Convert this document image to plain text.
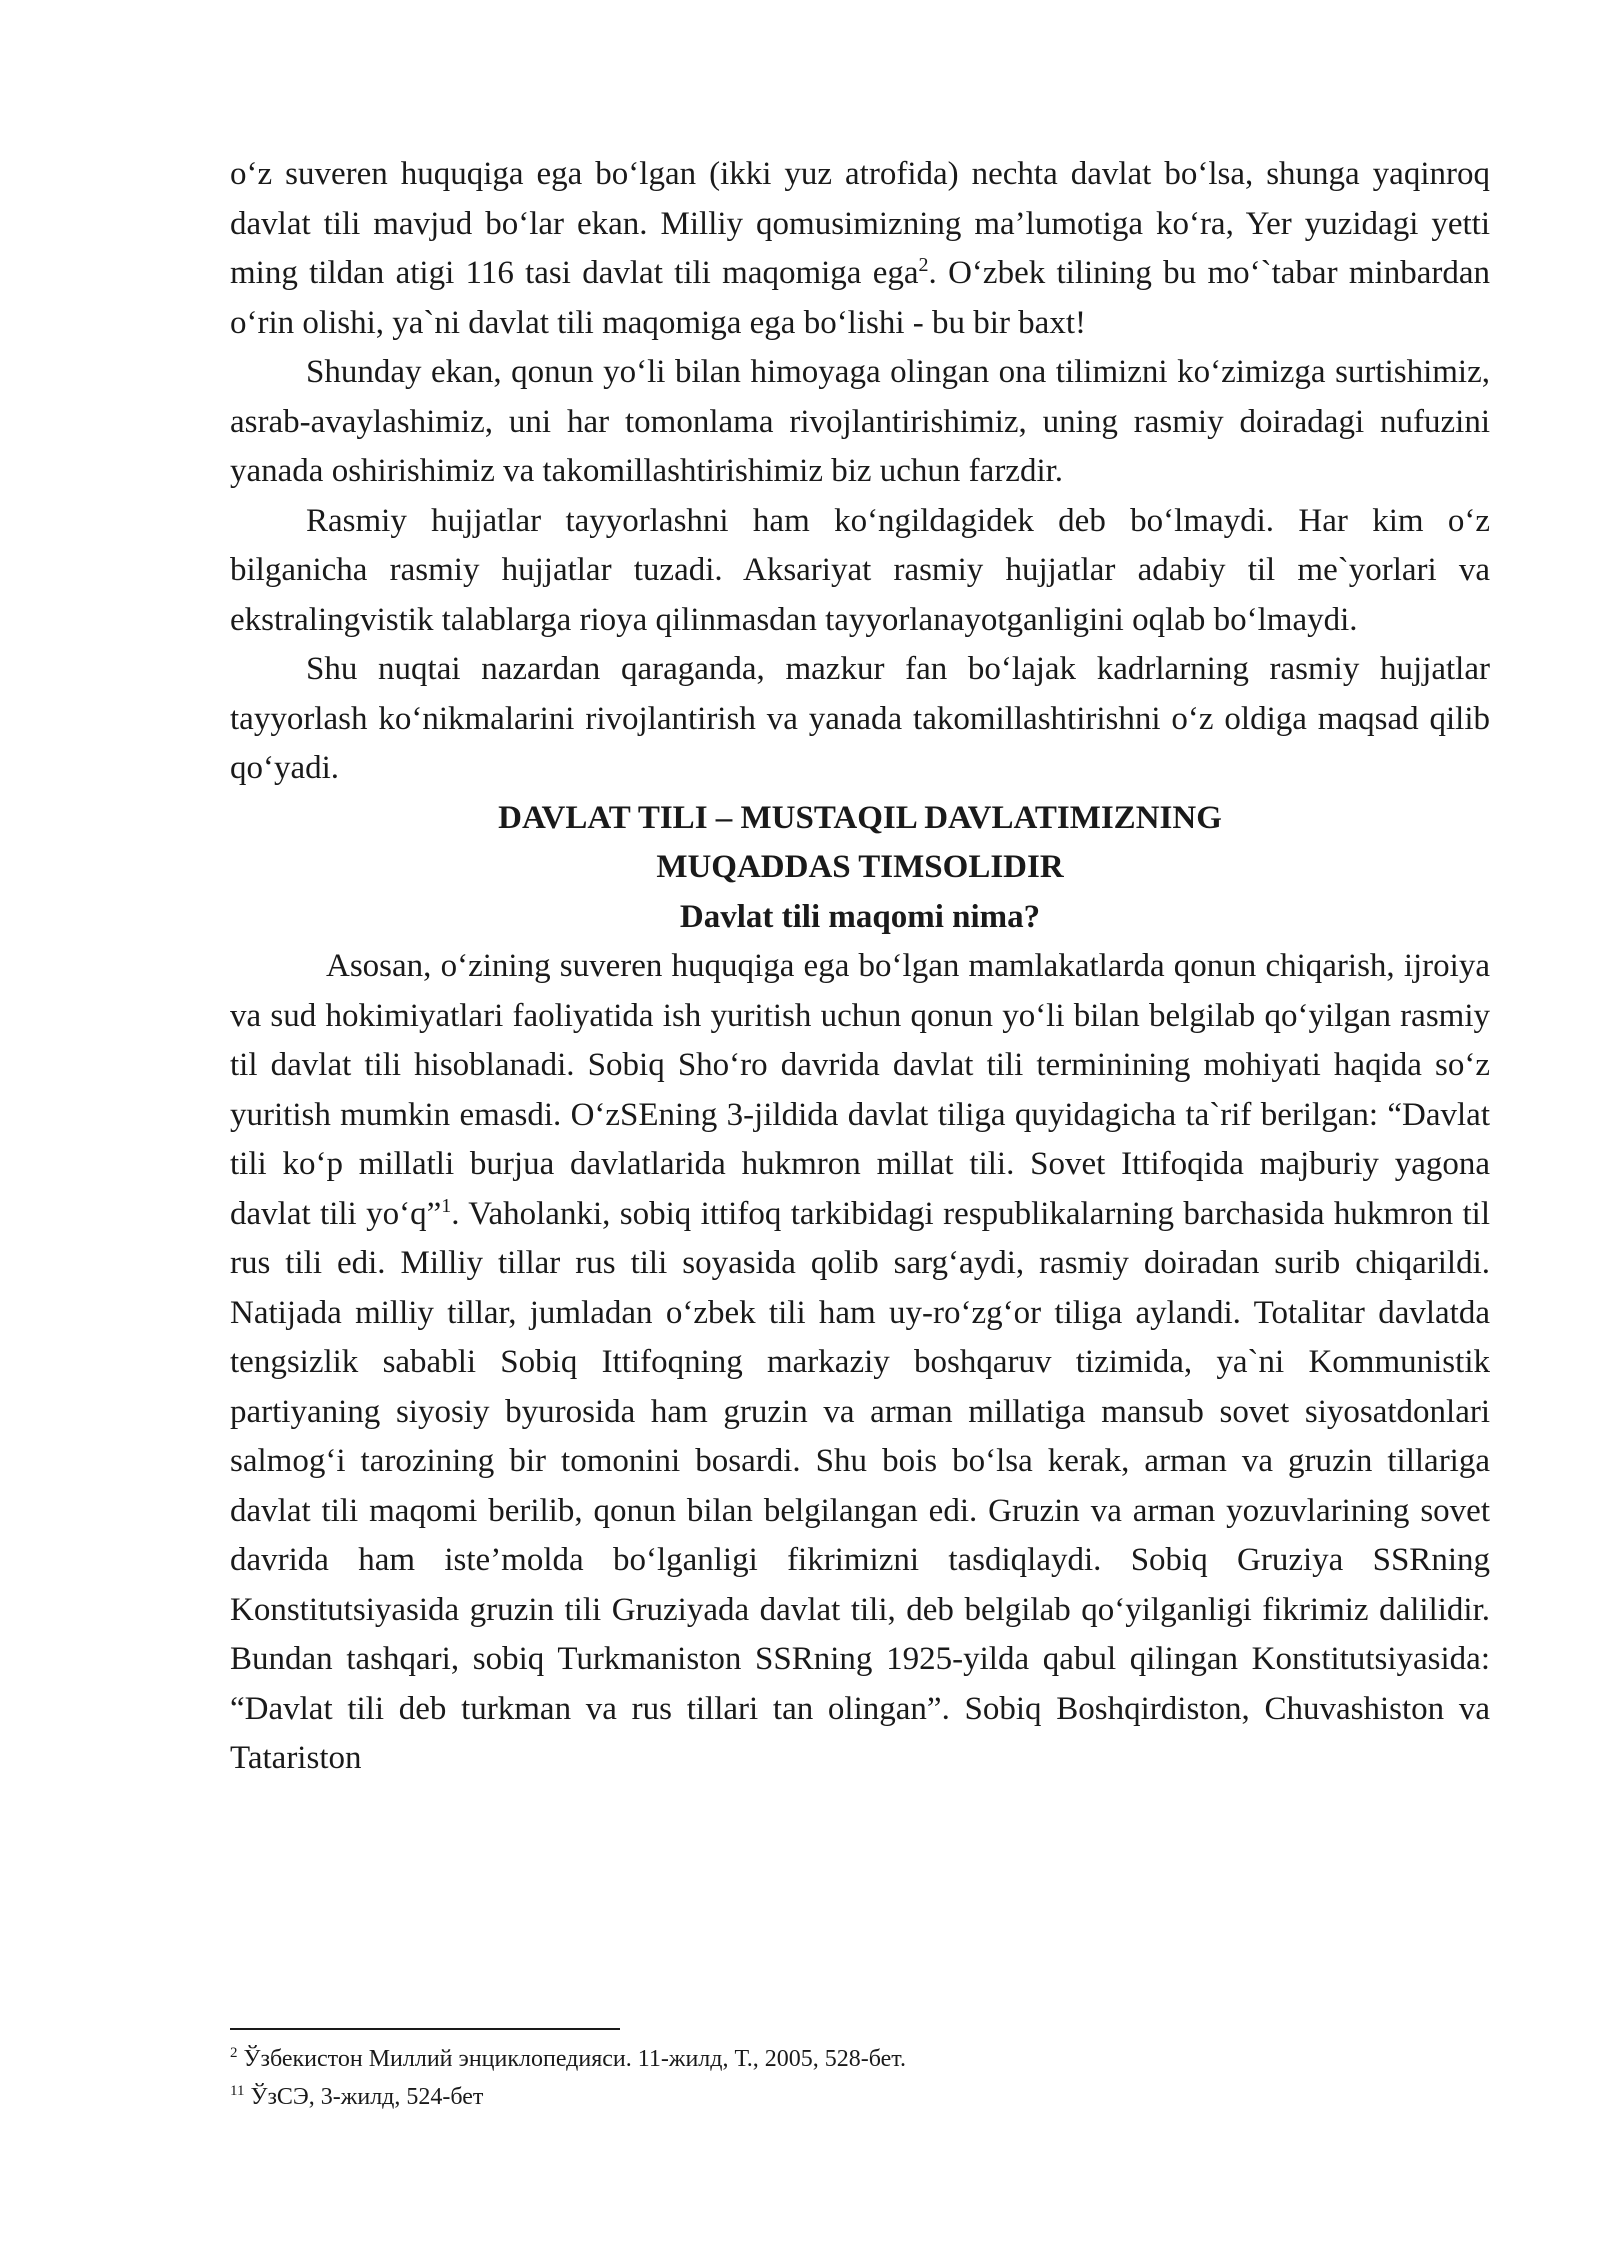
o‘z suveren huquqiga ega bo‘lgan (ikki yuz atrofida) nechta davlat bo‘lsa, shunga yaqinroq davlat tili mavjud bo‘lar ekan. Milliy qomusimizning ma’lumotiga ko‘ra, Yer yuzidagi yetti ming tildan atigi 116 tasi davlat tili maqomiga ega$^2$. O‘zbek tilining bu mo‘`tabar minbardan o‘rin olishi, ya`ni davlat tili maqomiga ega bo‘lishi - bu bir baxt!

Shunday ekan, qonun yo‘li bilan himoyaga olingan ona tilimizni ko‘zimizga surtishimiz, asrab-avaylashimiz, uni har tomonlama rivojlantirishimiz, uning rasmiy doiradagi nufuzini yanada oshirishimiz va takomillashtirishimiz biz uchun farzdir.

Rasmiy hujjatlar tayyorlashni ham ko‘ngildagidek deb bo‘lmaydi. Har kim o‘z bilganicha rasmiy hujjatlar tuzadi. Aksariyat rasmiy hujjatlar adabiy til me`yorlari va ekstralingvistik talablarga rioya qilinmasdan tayyorlanayotganligini oqlab bo‘lmaydi.

Shu nuqtai nazardan qaraganda, mazkur fan bo‘lajak kadrlarning rasmiy hujjatlar tayyorlash ko‘nikmalarini rivojlantirish va yanada takomillashtirishni o‘z oldiga maqsad qilib qo‘yadi.

DAVLAT TILI – MUSTAQIL DAVLATIMIZNING

MUQADDAS TIMSOLIDIR

Davlat tili maqomi nima?

Asosan, o‘zining suveren huquqiga ega bo‘lgan mamlakatlarda qonun chiqarish, ijroiya va sud hokimiyatlari faoliyatida ish yuritish uchun qonun yo‘li bilan belgilab qo‘yilgan rasmiy til davlat tili hisoblanadi. Sobiq Sho‘ro davrida davlat tili terminining mohiyati haqida so‘z yuritish mumkin emasdi. O‘zSEning 3-jildida davlat tiliga quyidagicha ta`rif berilgan: “Davlat tili ko‘p millatli burjua davlatlarida hukmron millat tili. Sovet Ittifoqida majburiy yagona davlat tili yo‘q”$^1$. Vaholanki, sobiq ittifoq tarkibidagi respublikalarning barchasida hukmron til rus tili edi. Milliy tillar rus tili soyasida qolib sarg‘aydi, rasmiy doiradan surib chiqarildi. Natijada milliy tillar, jumladan o‘zbek tili ham uy-ro‘zg‘or tiliga aylandi. Totalitar davlatda tengsizlik sababli Sobiq Ittifoqning markaziy boshqaruv tizimida, ya`ni Kommunistik partiyaning siyosiy byurosida ham gruzin va arman millatiga mansub sovet siyosatdonlari salmog‘i tarozining bir tomonini bosardi. Shu bois bo‘lsa kerak, arman va gruzin tillariga davlat tili maqomi berilib, qonun bilan belgilangan edi. Gruzin va arman yozuvlarining sovet davrida ham iste’molda bo‘lganligi fikrimizni tasdiqlaydi. Sobiq Gruziya SSRning Konstitutsiyasida gruzin tili Gruziyada davlat tili, deb belgilab qo‘yilganligi fikrimiz dalilidir. Bundan tashqari, sobiq Turkmaniston SSRning 1925-yilda qabul qilingan Konstitutsiyasida: “Davlat tili deb turkman va rus tillari tan olingan”. Sobiq Boshqirdiston, Chuvashiston va Tatariston

$^2$ Ўзбекистон Миллий энциклопедияси. 11-жилд, Т., 2005, 528-бет.

$^{11}$ ЎзСЭ, 3-жилд, 524-бет
